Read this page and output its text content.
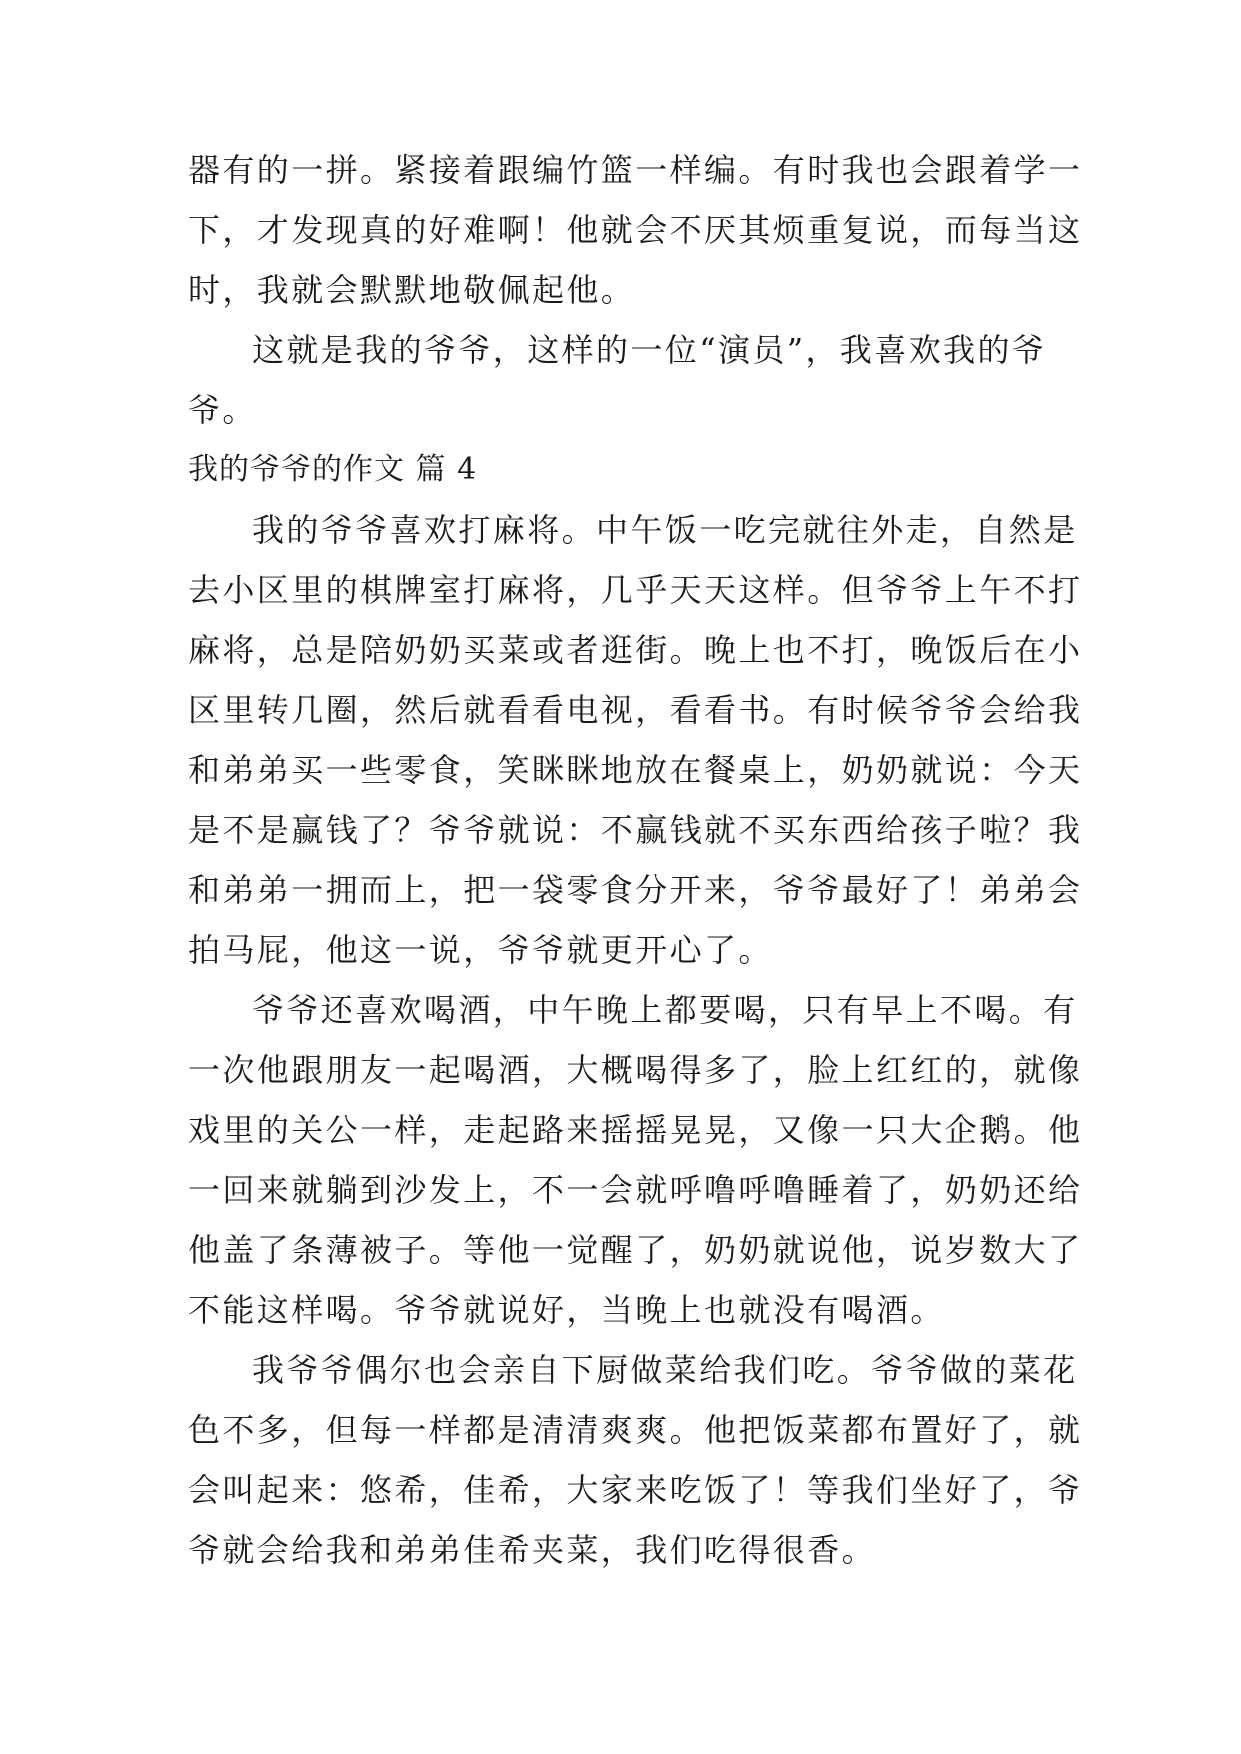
器有的一拼。紧接着跟编竹篮一样编。有时我也会跟着学一
下，才发现真的好难啊！他就会不厌其烦重复说，而每当这
时，我就会默默地敬佩起他。
这就是我的爷爷，这样的一位“演员”，我喜欢我的爷
爷。
我的爷爷的作文 篇 4
我的爷爷喜欢打麻将。中午饭一吃完就往外走，自然是
去小区里的棋牌室打麻将，几乎天天这样。但爷爷上午不打
麻将，总是陪奶奶买菜或者逛街。晚上也不打，晚饭后在小
区里转几圈，然后就看看电视，看看书。有时候爷爷会给我
和弟弟买一些零食，笑眯眯地放在餐桌上，奶奶就说：今天
是不是赢钱了？爷爷就说：不赢钱就不买东西给孩子啦？我
和弟弟一拥而上，把一袋零食分开来，爷爷最好了！弟弟会
拍马屁，他这一说，爷爷就更开心了。
爷爷还喜欢喝酒，中午晚上都要喝，只有早上不喝。有
一次他跟朋友一起喝酒，大概喝得多了，脸上红红的，就像
戏里的关公一样，走起路来摇摇晃晃，又像一只大企鹅。他
一回来就躺到沙发上，不一会就呼噜呼噜睡着了，奶奶还给
他盖了条薄被子。等他一觉醒了，奶奶就说他，说岁数大了
不能这样喝。爷爷就说好，当晚上也就没有喝酒。
我爷爷偶尔也会亲自下厨做菜给我们吃。爷爷做的菜花
色不多，但每一样都是清清爽爽。他把饭菜都布置好了，就
会叫起来：悠希，佳希，大家来吃饭了！等我们坐好了，爷
爷就会给我和弟弟佳希夹菜，我们吃得很香。
